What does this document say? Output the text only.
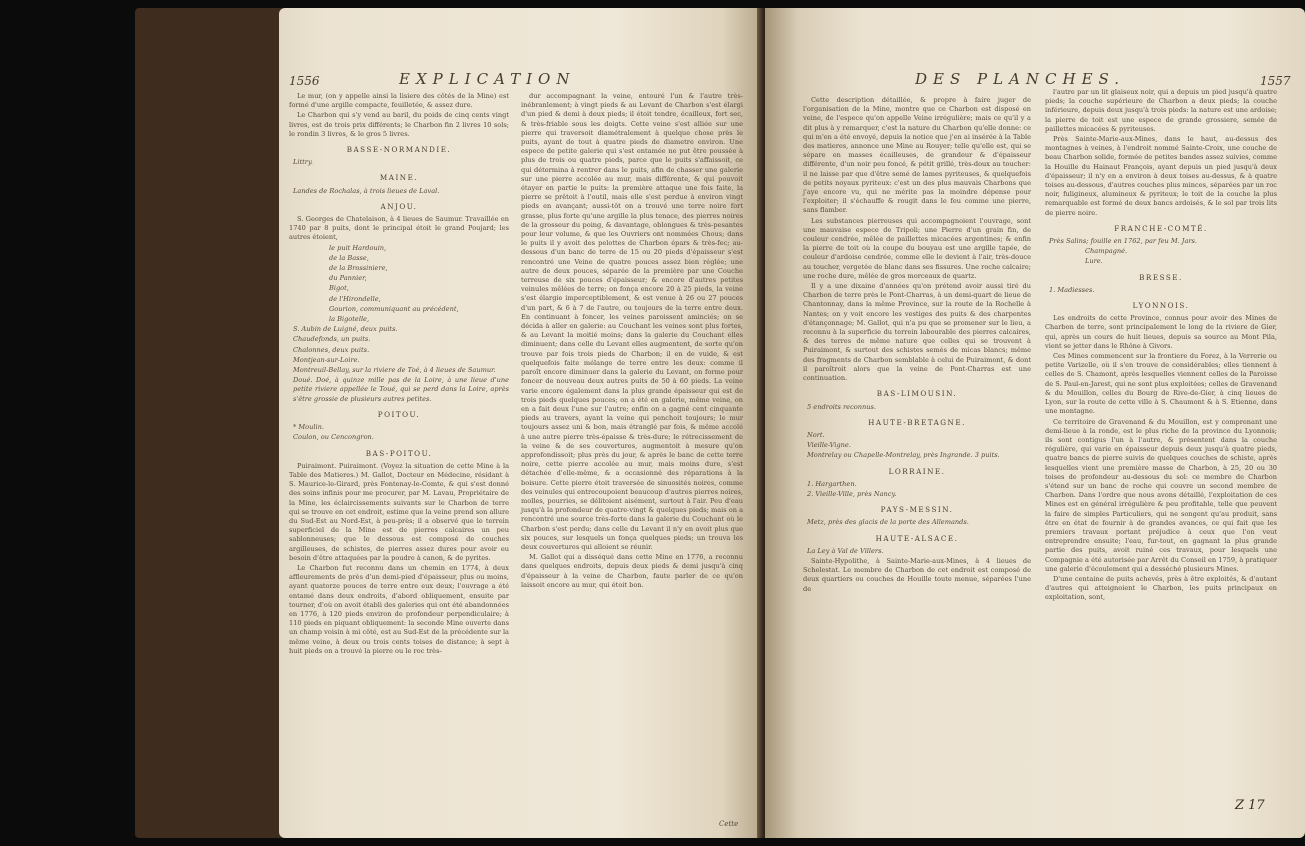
1556	EXPLICATION

Le mur, (on y appelle ainsi la lisiere des côtés de la Mine) est formé d'une argille compacte, feuilletée, & assez dure.

Le Charbon qui s'y vend au baril, du poids de cinq cents vingt livres, est de trois prix différents; le Charbon fin 2 livres 10 sols; le rondin 3 livres, & le gros 5 livres.

BASSE-NORMANDIE.

Littry.

MAINE.

Landes de Rochalas, à trois lieues de Laval.

ANJOU.

S. Georges de Chatelaison, à 4 lieues de Saumur. Travaillée en 1740 par 8 puits, dont le principal étoit le grand Poujard; les autres étoient,

le puit Hardouin,

de la Basse,

de la Brossiniere,

du Pannier,

Bigot,

de l'Hirondelle,

Gourion, communiquant au précédent,

la Bigotelle,

S. Aubin de Luigné, deux puits.

Chaudefonds, un puits.

Chalonnes, deux puits.

Montjean-sur-Loire.

Montreuil-Bellay, sur la riviere de Toé, à 4 lieues de Saumur.

Doué. Doé, à quinze mille pas de la Loire, à une lieue d'une petite riviere appellée le Toué, qui se perd dans la Loire, après s'être grossie de plusieurs autres petites.

POITOU.

* Moulin.

Coulon, ou Cencongron.

BAS-POITOU.

Puiraimont. Puiraimont. (Voyez la situation de cette Mine à la Table des Matieres.) M. Gallot, Docteur en Médecine, résidant à S. Maurice-le-Girard, près Fontenay-le-Comte, & qui s'est donné des soins infinis pour me procurer, par M. Lavau, Propriétaire de la Mine, les éclaircissements suivants sur le Charbon de terre qui se trouve en cet endroit, estime que la veine prend son allure du Sud-Est au Nord-Est, à peu-près; il a observé que le terrein superficiel de la Mine est de pierres calcaires un peu sablonneuses; que le dessous est composé de couches argilleuses, de schistes, de pierres assez dures pour avoir eu besoin d'être attaquées par la poudre à canon, & de pyrites.

Le Charbon fut reconnu dans un chemin en 1774, à deux affleurements de près d'un demi-pied d'épaisseur, plus ou moins, ayant quatorze pouces de terre entre eux deux; l'ouvrage a été entamé dans deux endroits, d'abord obliquement, ensuite par tourner, d'où on avoit établi des galeries qui ont été abandonnées en 1776, à 120 pieds environ de profondeur perpendiculaire; à 110 pieds en piquant obliquement: la seconde Mine ouverte dans un champ voisin à mi côté, est au Sud-Est de la précédente sur la même veine, à deux ou trois cents toises de distance; à sept à huit pieds on a trouvé la pierre ou le roc très-

dur accompagnant la veine, entouré l'un & l'autre très-inébranlement; à vingt pieds & au Levant de Charbon s'est élargi d'un pied & demi à deux pieds; il étoit tendre, écailleux, fort sec, & très-friable sous les doigts. Cette veine s'est alliée sur une pierre qui traversoit diamétralement à quelque chose près le puits, ayant de tout à quatre pieds de diametre environ. Une espece de petite galerie qui s'est entamée ne put être poussée à plus de trois ou quatre pieds, parce que le puits s'affaissoit, ce qui détermina à rentrer dans le puits, afin de chasser une galerie sur une pierre accolée au mur, mais différente, & qui pouvoit étayer en partie le puits: la première attaque une fois faite, la pierre se prêtoit à l'outil, mais elle s'est perdue à environ vingt pieds en avançant; aussi-tôt on a trouvé une terre noire fort grasse, plus forte qu'une argille la plus tenace, des pierres noires de la grosseur du poing, & davantage, oblongues & très-pesantes pour leur volume, & que les Ouvriers ont nommées Chous; dans le puits il y avoit des pelottes de Charbon épars & très-fec; au-dessous d'un banc de terre de 15 ou 20 pieds d'épaisseur s'est rencontré une Veine de quatre pouces assez bien réglée; une autre de deux pouces, séparée de la première par une Couche terreuse de six pouces d'épaisseur; & encore d'autres petites veinules mêlées de terre; on fonça encore 20 à 25 pieds, la veine s'est élargie imperceptiblement, & est venue à 26 ou 27 pouces d'un part, & 6 à 7 de l'autre, ou toujours de la terre entre deux. En continuant à foncer, les veines paroissent aminciés; on se décida à aller en galerie: au Couchant les veines sont plus fortes, & au Levant la moitié moins; dans la galerie du Couchant elles diminuent; dans celle du Levant elles augmentent, de sorte qu'on trouve par fois trois pieds de Charbon; il en de vuide, & est quelquefois faite mélange de terre entre les deux: comme il paroît encore diminuer dans la galerie du Levant, on forme pour foncer de nouveau deux autres puits de 50 à 60 pieds. La veine varie encore également dans la plus grande épaisseur qui est de trois pieds quelques pouces; on a été en galerie, même veine, on en a fait deux l'une sur l'autre; enfin on a gagné cent cinquante pieds au travers, ayant la veine qui penchoit toujours; le mur toujours assez uni & bon, mais étranglé par fois, & même accolé à une autre pierre très-épaisse & très-dure; le rétrecissement de la veine & de ses couvertures, augmentoit à mesure qu'on approfondissoit; plus près du jour, & après le banc de cette terre noire, cette pierre accolée au mur, mais moins dure, s'est détachée d'elle-même, & a occasionné des réparations à la boisure. Cette pierre étoit traversée de sinuosités noires, comme des veinules qui entrecoupoient beaucoup d'autres pierres noires, molles, pourries, se délitoient aisément, surtout à l'air. Peu d'eau jusqu'à la profondeur de quatre-vingt & quelques pieds; mais on a rencontré une source très-forte dans la galerie du Couchant où le Charbon s'est perdu; dans celle du Levant il n'y en avoit plus que six pouces, sur lesquels un fonça quelques pieds; un trouva les deux couvertures qui alloient se réunir.

M. Gallot qui a disséqué dans cette Mine en 1776, a reconnu dans quelques endroits, depuis deux pieds & demi jusqu'à cinq d'épaisseur à la veine de Charbon, faute parler de ce qu'on laissoit encore au mur, qui étoit bon.

Cette
DES PLANCHES.	1557

Cette description détaillée, & propre à faire juger de l'organisation de la Mine, montre que ce Charbon est disposé en veine, de l'espece qu'on appelle Veine irrégulière; mais ce qu'il y a dit plus à y remarquer, c'est la nature du Charbon qu'elle donne: ce qui m'en a été envoyé, depuis la notice que j'en ai insérée à la Table des matieres, annonce une Mine au Rouyer; telle qu'elle est, qui se sépare en masses écailleuses, de grandeur & d'épaisseur différente, d'un noir peu foncé, & pétit grillé, très-doux au toucher: il ne laisse par que d'être semé de lames pyriteuses, & quelquefois de petits noyaux pyriteux: c'est un des plus mauvais Charbons que j'aye encore vu, qui ne mérite pas la moindre dépense pour l'exploiter; il s'échauffe & rougit dans le feu comme une pierre, sans flamber.

Les substances pierreuses qui accompagnoient l'ouvrage, sont une mauvaise espece de Tripoli; une Pierre d'un grain fin, de couleur cendrée, mêlée de paillettes micacées argentines; & enfin la pierre de toit où la coupe du bouyau est une argille tapée, de couleur d'ardoise cendrée, comme elle le devient à l'air, très-douce au toucher, vergetée de blanc dans ses fissures. Une roche calcaire; une roche dure, mêlée de gros morceaux de quartz.

Il y a une dixaine d'années qu'on prétend avoir aussi tiré du Charbon de terre près le Pont-Charras, à un demi-quart de lieue de Chantonnay, dans la même Province, sur la route de la Rochelle à Nantes; on y voit encore les vestiges des puits & des charpentes d'étançonnage; M. Gallot, qui n'a pu que se promener sur le lieu, a reconnu à la superficie du terrein labourable des pierres calcaires, & des terres de même nature que celles qui se trouvent à Puiraimont, & surtout des schistes semés de micas blancs; même des fragments de Charbon semblable à celui de Puiraimont, & dont il paroîtroit alors que la veine de Pont-Charras est une continuation.

BAS-LIMOUSIN.

5 endroits reconnus.

HAUTE-BRETAGNE.

Nort.

Vieille-Vigne.

Montrelay ou Chapelle-Montrelay, près Ingrande. 3 puits.

LORRAINE.

1. Hargarthen.

2. Vieille-Ville, près Nancy.

PAYS-MESSIN.

Metz, près des glacis de la porte des Allemands.

HAUTE-ALSACE.

La Ley à Val de Villers.

Sainte-Hypolithe, à Sainte-Marie-aux-Mines, à 4 lieues de Schelestat. Le membre de Charbon de cet endroit est composé de deux quartiers ou couches de Houille toute menue, séparées l'une de

l'autre par un lit glaiseux noir, qui a depuis un pied jusqu'à quatre pieds; la couche supérieure de Charbon a deux pieds; la couche inférieure, depuis deux jusqu'à trois pieds: la nature est une ardoise; la pierre de toit est une espece de grande grossiere, semée de paillettes micacées & pyriteuses.

Près Sainte-Marie-aux-Mines, dans le haut, au-dessus des montagnes à veines, à l'endroit nommé Sainte-Croix, une couche de beau Charbon solide, formée de petites bandes assez suivies, comme la Houille du Hainaut François, ayant depuis un pied jusqu'à deux d'épaisseur; il n'y en a environ à deux toises au-dessus, & à quatre toises au-dessous, d'autres couches plus minces, séparées par un roc noir, fuligineux, alumineux & pyriteux; le toit de la couche la plus remarquable est formé de deux bancs ardoisés, & le sol par trois lits de pierre noire.

FRANCHE-COMTÉ.

Près Salins; fouille en 1762, par feu M. Jars.

Champagné.

Lure.

BRESSE.

1. Madiesses.

LYONNOIS.

Les endroits de cette Province, connus pour avoir des Mines de Charbon de terre, sont principalement le long de la riviere de Gier, qui, après un cours de huit lieues, depuis sa source au Mont Pila, vient se jetter dans le Rhône à Givors.

Ces Mines commencent sur la frontiere du Forez, à la Verrerie ou petite Varizelle, où il s'en trouve de considérables; elles tiennent à celles de S. Chamont, après lesquelles viennent celles de la Paroisse de S. Paul-en-Jarest, qui ne sont plus exploitées; celles de Gravenand & du Mouillon, celles du Bourg de Rive-de-Gier, à cinq lieues de Lyon, sur la route de cette ville à S. Chaumont & à S. Etienne, dans une montagne.

Ce territoire de Gravenand & du Mouillon, est y comprenant une demi-lieue à la ronde, est le plus riche de la province du Lyonnois; ils sont contigus l'un à l'autre, & présentent dans la couche régulière, qui varie en épaisseur depuis deux jusqu'à quatre pieds, quatre bancs de pierre suivis de quelques couches de schiste, après lesquelles vient une première masse de Charbon, à 25, 20 ou 30 toises de profondeur au-dessous du sol: ce membre de Charbon s'étend sur un banc de roche qui couvre un second membre de Charbon. Dans l'ordre que nous avons détaillé, l'exploitation de ces Mines est en général irrégulière & peu profitable, telle que peuvent la faire de simples Particuliers, qui ne songent qu'au produit, sans être en état de fournir à de grandes avances, ce qui fait que les premiers travaux portant préjudice à ceux que l'on veut entreprendre ensuite; l'eau, fur-tout, en gagnant la plus grande partie des puits, avoit ruiné ces travaux, pour lesquels une Compagnie a été autorisée par Arrêt du Conseil en 1759, à pratiquer une galerie d'écoulement qui a desséché plusieurs Mines.

D'une centaine de puits achevés, près à être exploités, & d'autant d'autres qui atteignoient le Charbon, les puits principaux en exploitation, sont,

Z 17
